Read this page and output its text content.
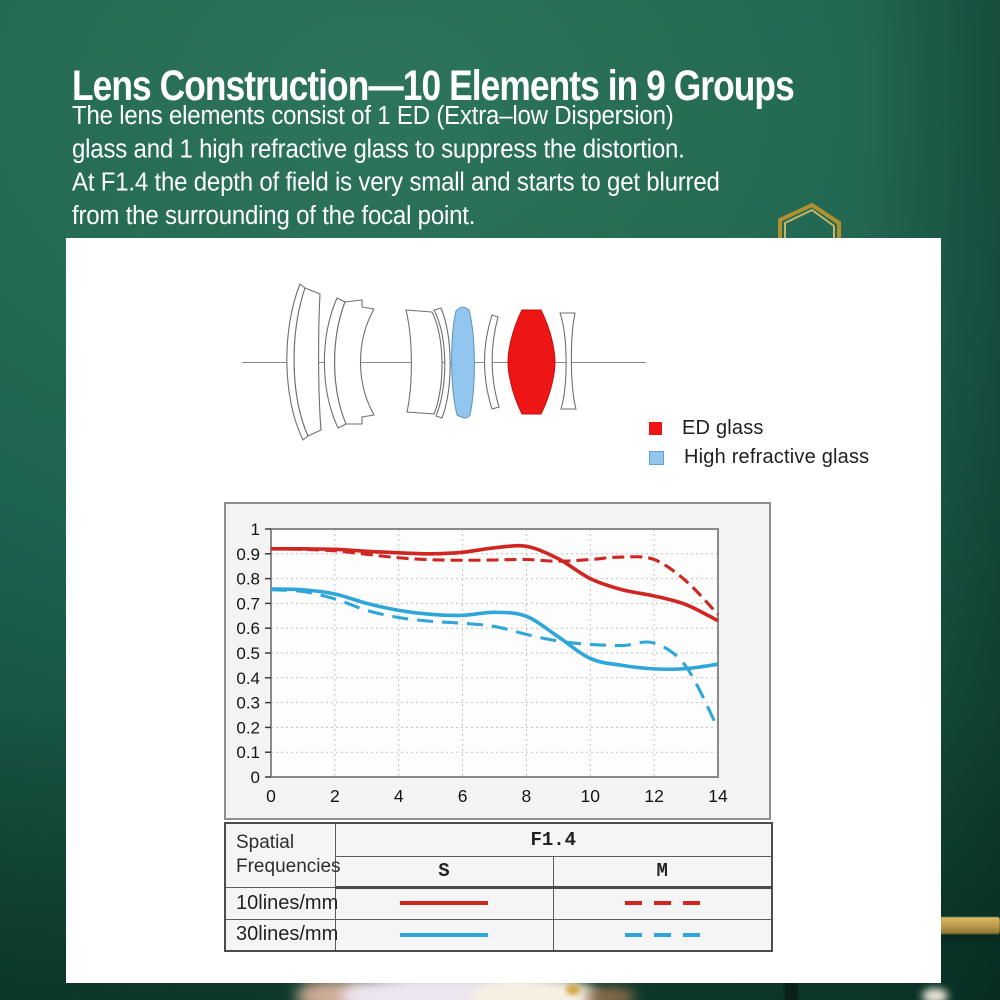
Lens Construction—10 Elements in 9 Groups
The lens elements consist of 1 ED (Extra–low Dispersion)
glass and 1 high refractive glass to suppress the distortion.
At F1.4 the depth of field is very small and starts to get blurred
from the surrounding of the focal point.
ED glass
High refractive glass
0
0.1
0.2
0.3
0.4
0.5
0.6
0.7
0.8
0.9
1
0	2	4	6	8	10	12	14
Spatial Frequencies	F1.4	
	S	M
10lines/mm		
30lines/mm		
